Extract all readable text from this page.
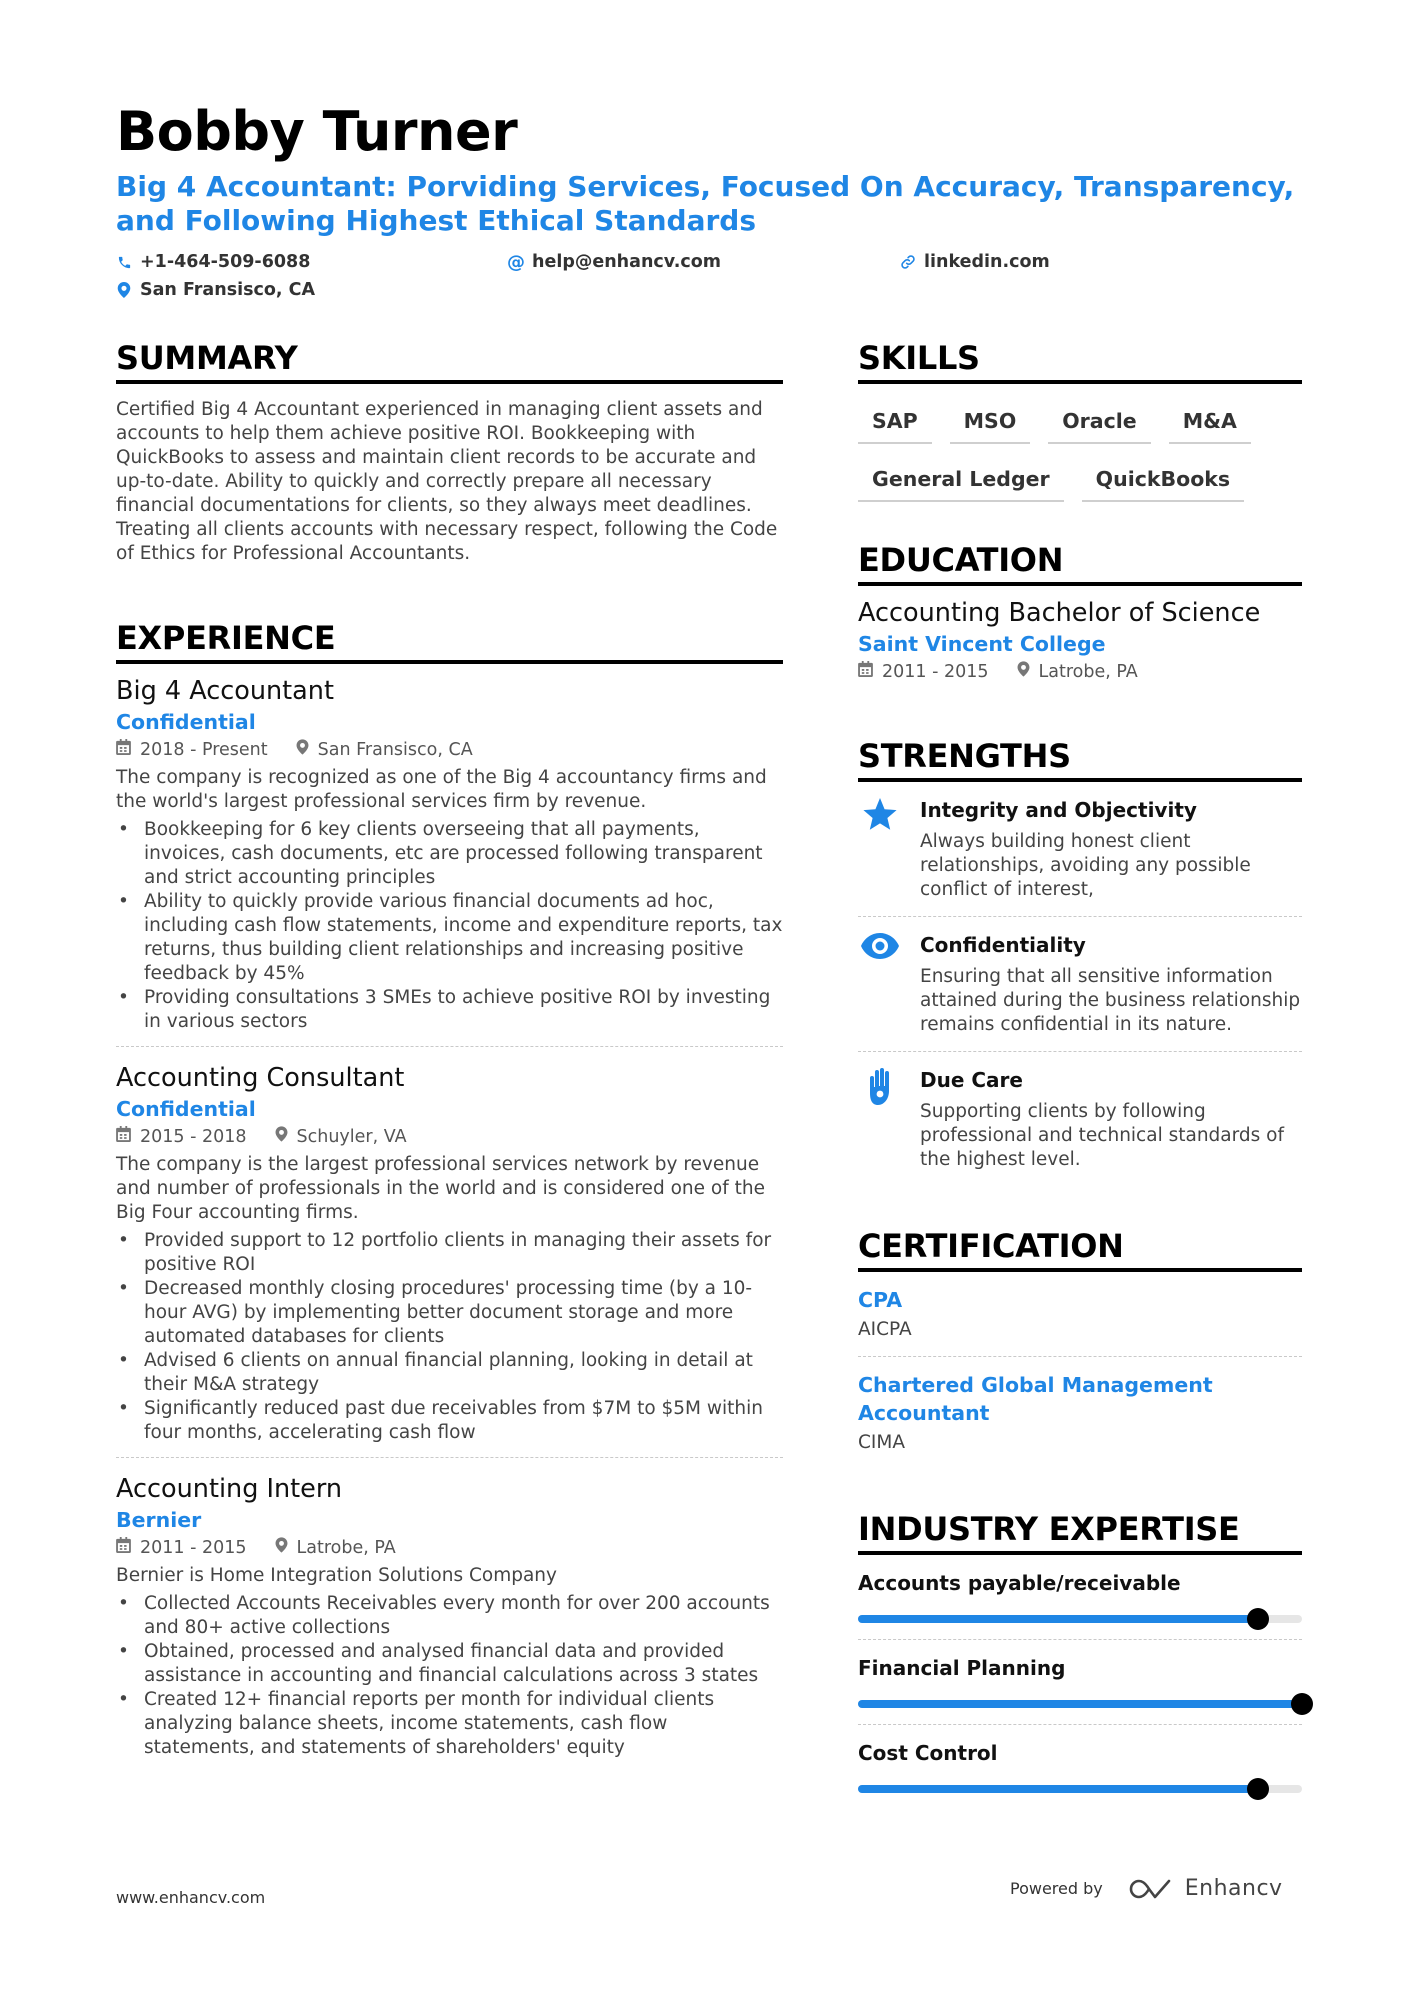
Bobby Turner
Big 4 Accountant: Porviding Services, Focused On Accuracy, Transparency, and Following Highest Ethical Standards
+1-464-509-6088	@ help@enhancv.com	linkedin.com
San Fransisco, CA
SUMMARY
Certified Big 4 Accountant experienced in managing client assets and accounts to help them achieve positive ROI. Bookkeeping with QuickBooks to assess and maintain client records to be accurate and up-to-date. Ability to quickly and correctly prepare all necessary financial documentations for clients, so they always meet deadlines. Treating all clients accounts with necessary respect, following the Code of Ethics for Professional Accountants.
EXPERIENCE
Big 4 Accountant
Confidential
2018 - Present	San Fransisco, CA
The company is recognized as one of the Big 4 accountancy firms and the world's largest professional services firm by revenue.
• Bookkeeping for 6 key clients overseeing that all payments, invoices, cash documents, etc are processed following transparent and strict accounting principles
• Ability to quickly provide various financial documents ad hoc, including cash flow statements, income and expenditure reports, tax returns, thus building client relationships and increasing positive feedback by 45%
• Providing consultations 3 SMEs to achieve positive ROI by investing in various sectors
Accounting Consultant
Confidential
2015 - 2018	Schuyler, VA
The company is the largest professional services network by revenue and number of professionals in the world and is considered one of the Big Four accounting firms.
• Provided support to 12 portfolio clients in managing their assets for positive ROI
• Decreased monthly closing procedures' processing time (by a 10-hour AVG) by implementing better document storage and more automated databases for clients
• Advised 6 clients on annual financial planning, looking in detail at their M&A strategy
• Significantly reduced past due receivables from $7M to $5M within four months, accelerating cash flow
Accounting Intern
Bernier
2011 - 2015	Latrobe, PA
Bernier is Home Integration Solutions Company
• Collected Accounts Receivables every month for over 200 accounts and 80+ active collections
• Obtained, processed and analysed financial data and provided assistance in accounting and financial calculations across 3 states
• Created 12+ financial reports per month for individual clients analyzing balance sheets, income statements, cash flow statements, and statements of shareholders' equity
SKILLS
SAP	MSO	Oracle	M&A
General Ledger	QuickBooks
EDUCATION
Accounting Bachelor of Science
Saint Vincent College
2011 - 2015	Latrobe, PA
STRENGTHS
Integrity and Objectivity
Always building honest client relationships, avoiding any possible conflict of interest,
Confidentiality
Ensuring that all sensitive information attained during the business relationship remains confidential in its nature.
Due Care
Supporting clients by following professional and technical standards of the highest level.
CERTIFICATION
CPA
AICPA
Chartered Global Management Accountant
CIMA
INDUSTRY EXPERTISE
Accounts payable/receivable
Financial Planning
Cost Control
www.enhancv.com	Powered by	Enhancv
